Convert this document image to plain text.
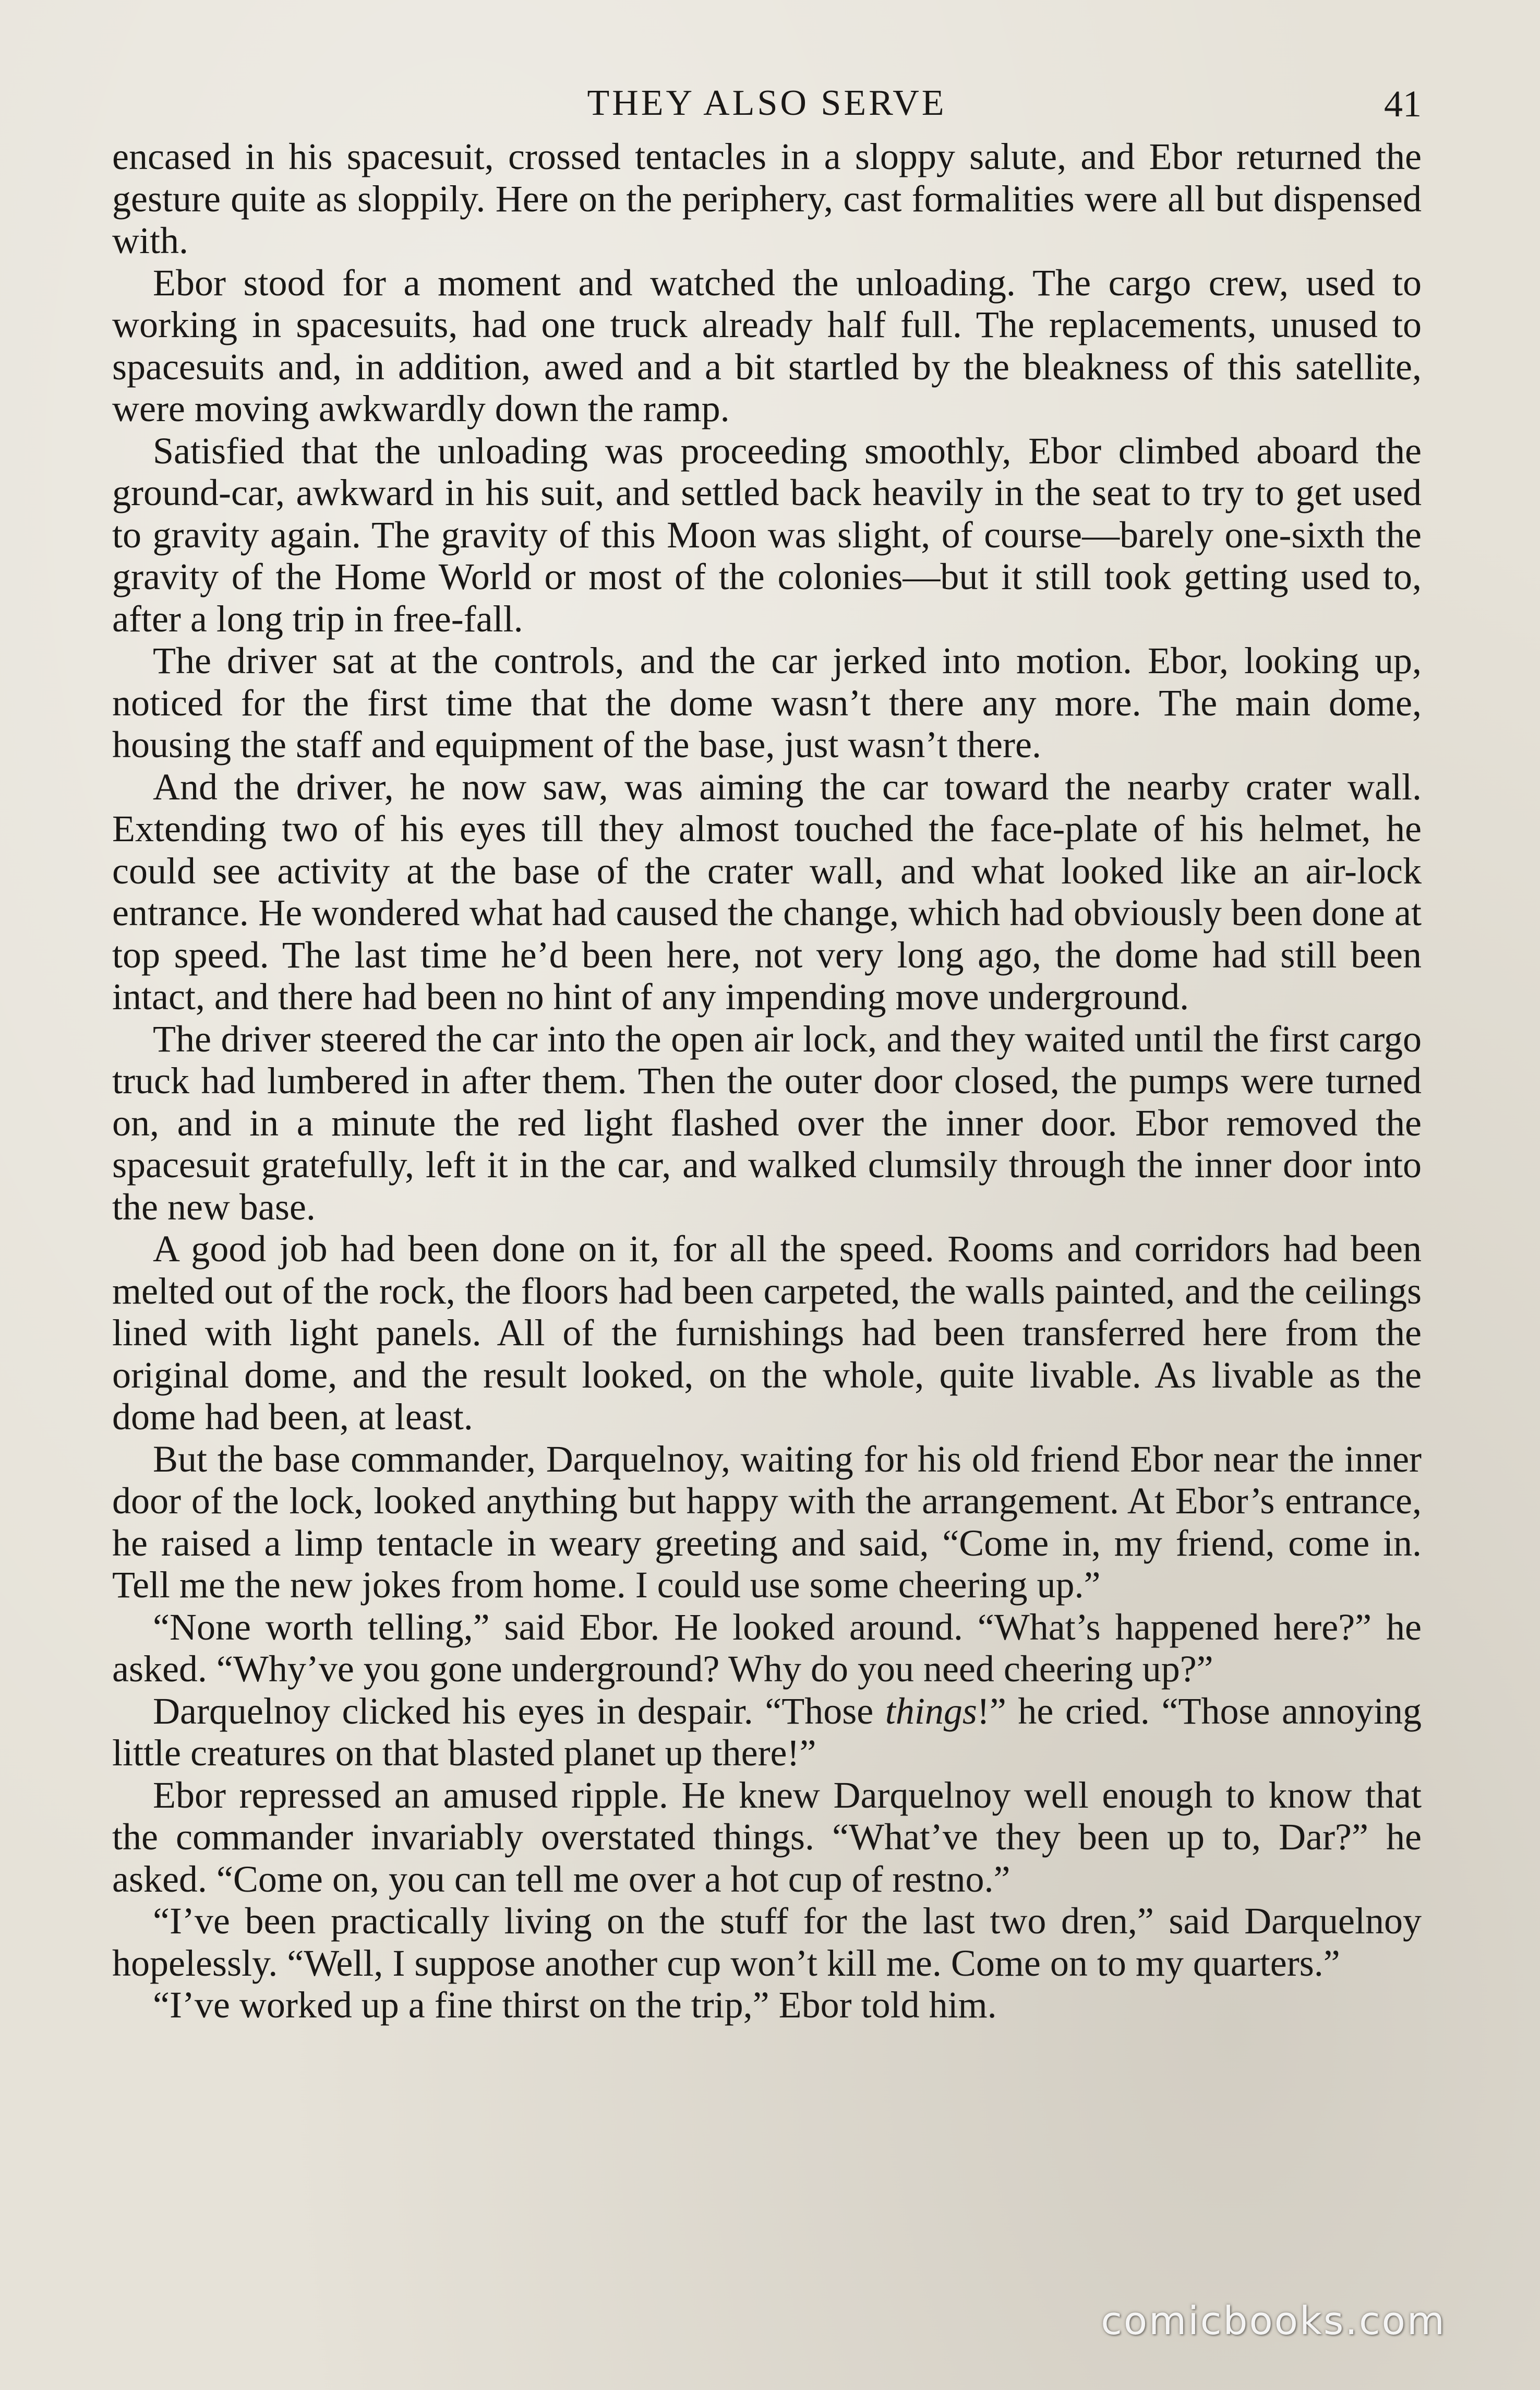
THEY ALSO SERVE	41

encased in his spacesuit, crossed tentacles in a sloppy salute, and Ebor returned the gesture quite as sloppily. Here on the periphery, cast formalities were all but dispensed with.

Ebor stood for a moment and watched the unloading. The cargo crew, used to working in spacesuits, had one truck already half full. The replacements, unused to spacesuits and, in addition, awed and a bit startled by the bleakness of this satellite, were moving awkwardly down the ramp.

Satisfied that the unloading was proceeding smoothly, Ebor climbed aboard the ground-car, awkward in his suit, and settled back heavily in the seat to try to get used to gravity again. The gravity of this Moon was slight, of course—barely one-sixth the gravity of the Home World or most of the colonies—but it still took getting used to, after a long trip in free-fall.

The driver sat at the controls, and the car jerked into motion. Ebor, looking up, noticed for the first time that the dome wasn’t there any more. The main dome, housing the staff and equipment of the base, just wasn’t there.

And the driver, he now saw, was aiming the car toward the nearby crater wall. Extending two of his eyes till they almost touched the face-plate of his helmet, he could see activity at the base of the crater wall, and what looked like an air-lock entrance. He wondered what had caused the change, which had obviously been done at top speed. The last time he’d been here, not very long ago, the dome had still been intact, and there had been no hint of any impending move underground.

The driver steered the car into the open air lock, and they waited until the first cargo truck had lumbered in after them. Then the outer door closed, the pumps were turned on, and in a minute the red light flashed over the inner door. Ebor removed the spacesuit gratefully, left it in the car, and walked clumsily through the inner door into the new base.

A good job had been done on it, for all the speed. Rooms and corridors had been melted out of the rock, the floors had been carpeted, the walls painted, and the ceilings lined with light panels. All of the furnishings had been transferred here from the original dome, and the result looked, on the whole, quite livable. As livable as the dome had been, at least.

But the base commander, Darquelnoy, waiting for his old friend Ebor near the inner door of the lock, looked anything but happy with the arrangement. At Ebor’s entrance, he raised a limp tentacle in weary greeting and said, “Come in, my friend, come in. Tell me the new jokes from home. I could use some cheering up.”

“None worth telling,” said Ebor. He looked around. “What’s happened here?” he asked. “Why’ve you gone underground? Why do you need cheering up?”

Darquelnoy clicked his eyes in despair. “Those things!” he cried. “Those annoying little creatures on that blasted planet up there!”

Ebor repressed an amused ripple. He knew Darquelnoy well enough to know that the commander invariably overstated things. “What’ve they been up to, Dar?” he asked. “Come on, you can tell me over a hot cup of restno.”

“I’ve been practically living on the stuff for the last two dren,” said Darquelnoy hopelessly. “Well, I suppose another cup won’t kill me. Come on to my quarters.”

“I’ve worked up a fine thirst on the trip,” Ebor told him.

comicbooks.com
